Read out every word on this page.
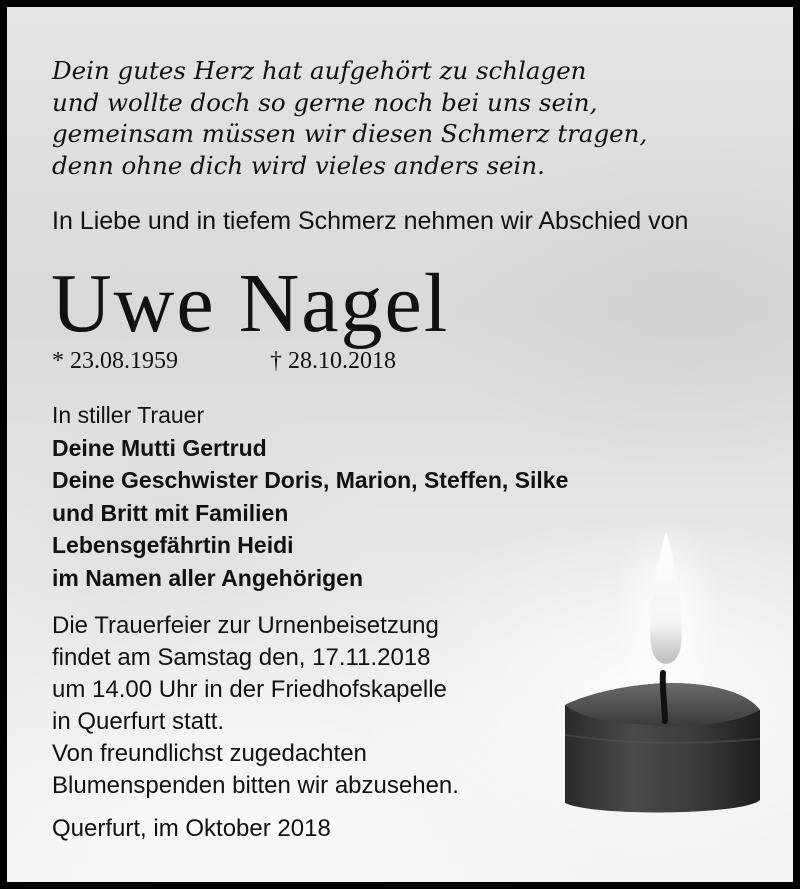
Dein gutes Herz hat aufgehört zu schlagen
und wollte doch so gerne noch bei uns sein,
gemeinsam müssen wir diesen Schmerz tragen,
denn ohne dich wird vieles anders sein.
In Liebe und in tiefem Schmerz nehmen wir Abschied von
Uwe Nagel
* 23.08.1959	† 28.10.2018
In stiller Trauer
Deine Mutti Gertrud
Deine Geschwister Doris, Marion, Steffen, Silke
und Britt mit Familien
Lebensgefährtin Heidi
im Namen aller Angehörigen
Die Trauerfeier zur Urnenbeisetzung
findet am Samstag den, 17.11.2018
um 14.00 Uhr in der Friedhofskapelle
in Querfurt statt.
Von freundlichst zugedachten
Blumenspenden bitten wir abzusehen.
Querfurt, im Oktober 2018
